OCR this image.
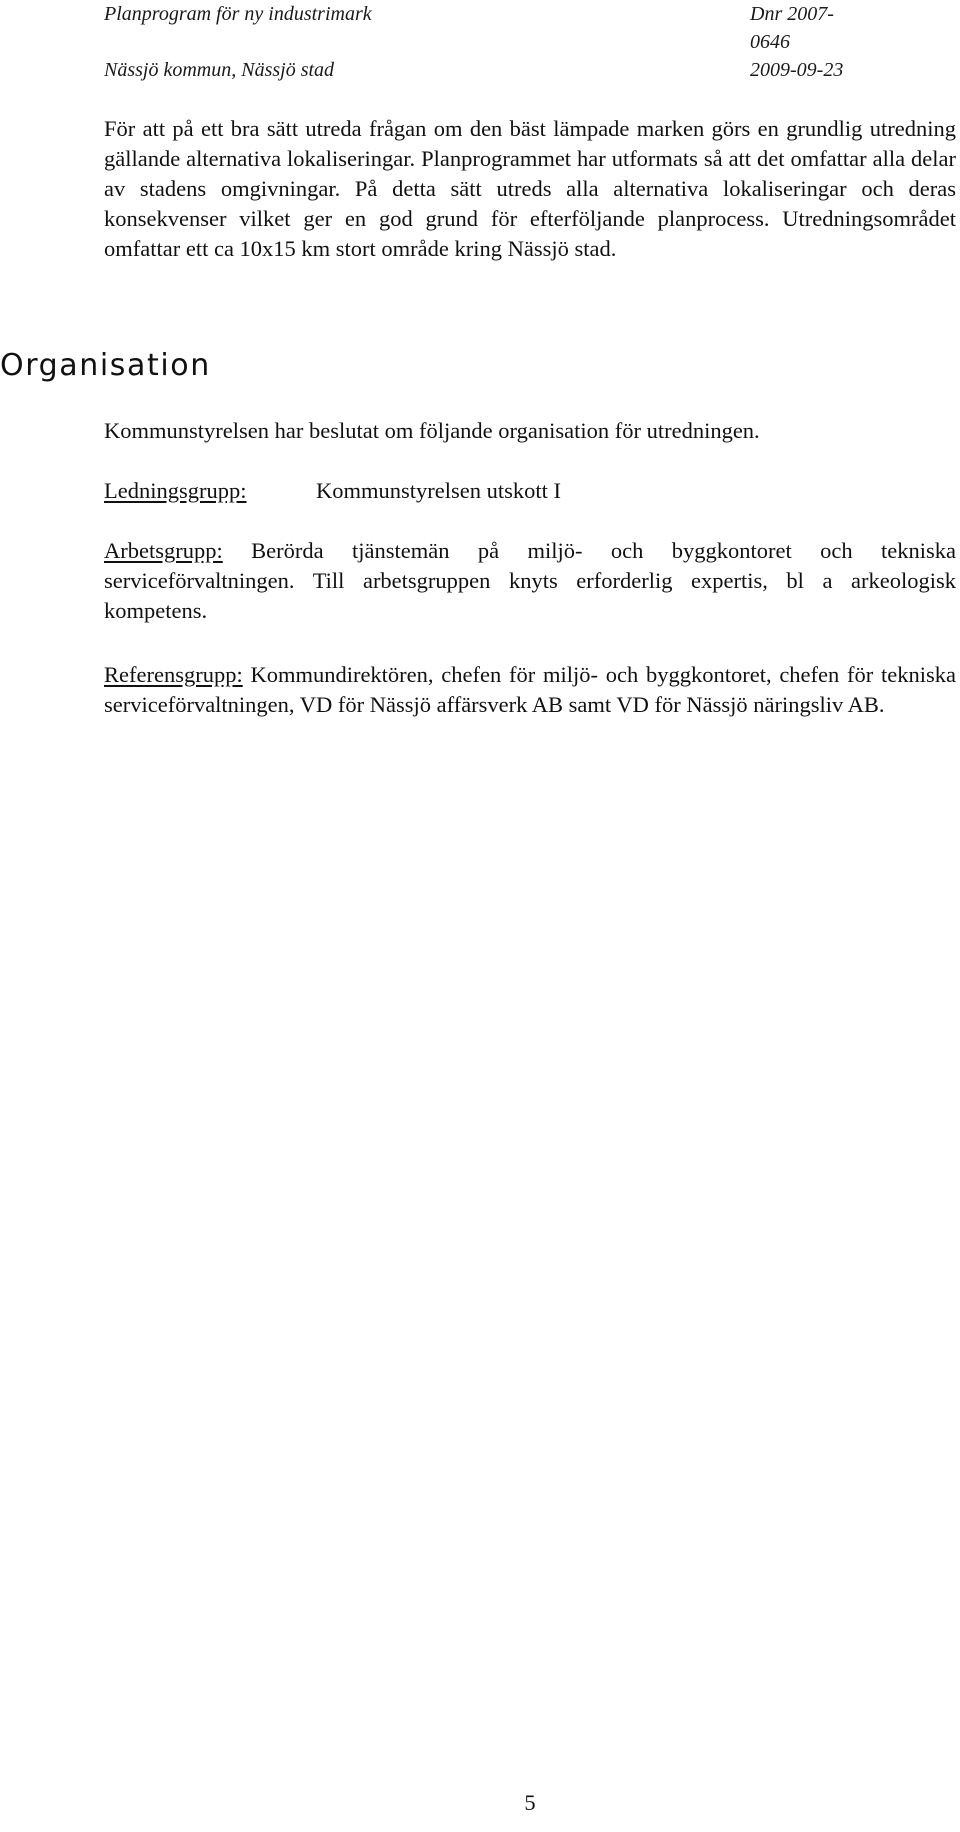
Planprogram för ny industrimark	Dnr 2007-0646
Nässjö kommun, Nässjö stad	2009-09-23

För att på ett bra sätt utreda frågan om den bäst lämpade marken görs en grundlig utredning gällande alternativa lokaliseringar. Planprogrammet har utformats så att det omfattar alla delar av stadens omgivningar. På detta sätt utreds alla alternativa lokaliseringar och deras konsekvenser vilket ger en god grund för efterföljande planprocess. Utredningsområdet omfattar ett ca 10x15 km stort område kring Nässjö stad.

Organisation

Kommunstyrelsen har beslutat om följande organisation för utredningen.

Ledningsgrupp:	Kommunstyrelsen utskott I

Arbetsgrupp: Berörda tjänstemän på miljö- och byggkontoret och tekniska serviceförvaltningen. Till arbetsgruppen knyts erforderlig expertis, bl a arkeologisk kompetens.

Referensgrupp: Kommundirektören, chefen för miljö- och byggkontoret, chefen för tekniska serviceförvaltningen, VD för Nässjö affärsverk AB samt VD för Nässjö näringsliv AB.

5
